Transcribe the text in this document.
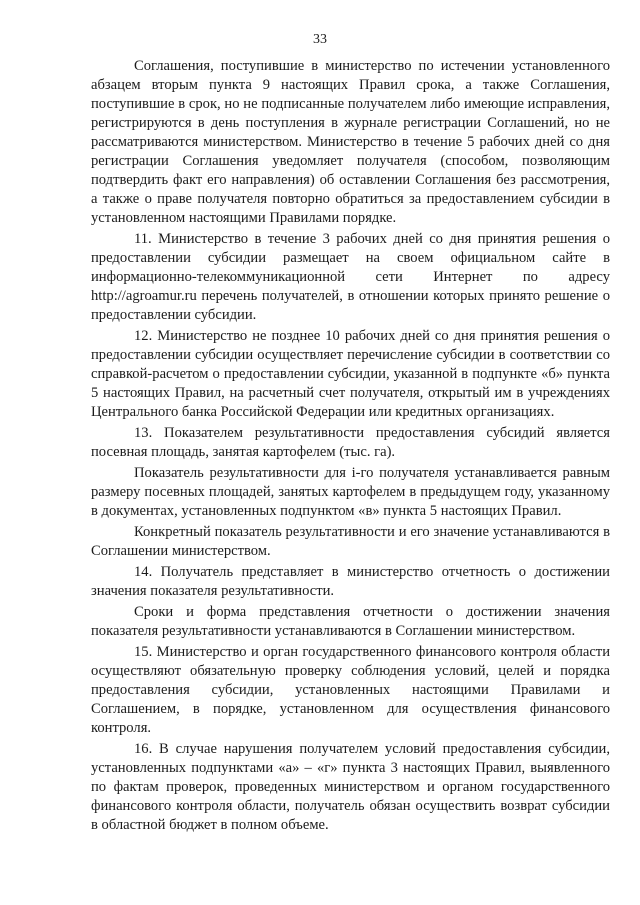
33

Соглашения, поступившие в министерство по истечении установленного абзацем вторым пункта 9 настоящих Правил срока, а также Соглашения, поступившие в срок, но не подписанные получателем либо имеющие исправления, регистрируются в день поступления в журнале регистрации Соглашений, но не рассматриваются министерством. Министерство в течение 5 рабочих дней со дня регистрации Соглашения уведомляет получателя (способом, позволяющим подтвердить факт его направления) об оставлении Соглашения без рассмотрения, а также о праве получателя повторно обратиться за предоставлением субсидии в установленном настоящими Правилами порядке.

11. Министерство в течение 3 рабочих дней со дня принятия решения о предоставлении субсидии размещает на своем официальном сайте в информационно-телекоммуникационной сети Интернет по адресу http://agroamur.ru перечень получателей, в отношении которых принято решение о предоставлении субсидии.

12. Министерство не позднее 10 рабочих дней со дня принятия решения о предоставлении субсидии осуществляет перечисление субсидии в соответствии со справкой-расчетом о предоставлении субсидии, указанной в подпункте «б» пункта 5 настоящих Правил, на расчетный счет получателя, открытый им в учреждениях Центрального банка Российской Федерации или кредитных организациях.

13. Показателем результативности предоставления субсидий является посевная площадь, занятая картофелем (тыс. га).

Показатель результативности для i-го получателя устанавливается равным размеру посевных площадей, занятых картофелем в предыдущем году, указанному в документах, установленных подпунктом «в» пункта 5 настоящих Правил.

Конкретный показатель результативности и его значение устанавливаются в Соглашении министерством.

14. Получатель представляет в министерство отчетность о достижении значения показателя результативности.

Сроки и форма представления отчетности о достижении значения показателя результативности устанавливаются в Соглашении министерством.

15. Министерство и орган государственного финансового контроля области осуществляют обязательную проверку соблюдения условий, целей и порядка предоставления субсидии, установленных настоящими Правилами и Соглашением, в порядке, установленном для осуществления финансового контроля.

16. В случае нарушения получателем условий предоставления субсидии, установленных подпунктами «а» – «г» пункта 3 настоящих Правил, выявленного по фактам проверок, проведенных министерством и органом государственного финансового контроля области, получатель обязан осуществить возврат субсидии в областной бюджет в полном объеме.
